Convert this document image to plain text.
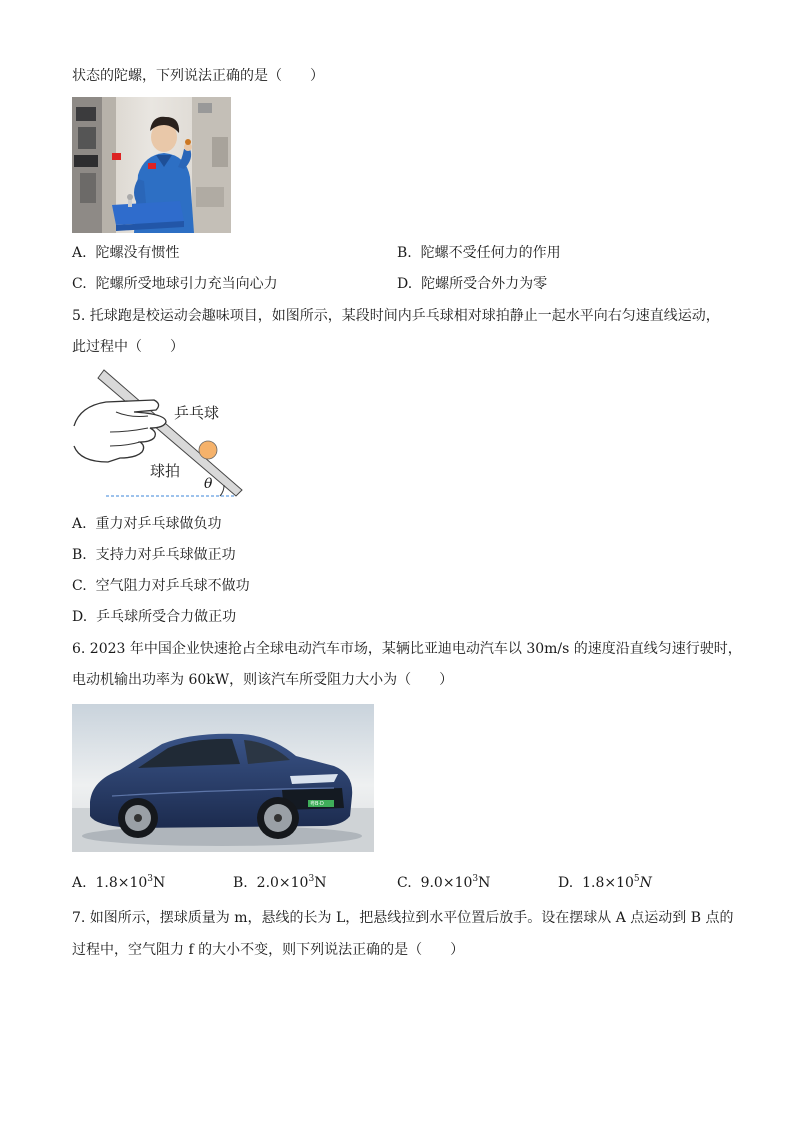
状态的陀螺，下列说法正确的是（　　）
A. 陀螺没有惯性	B. 陀螺不受任何力的作用
C. 陀螺所受地球引力充当向心力	D. 陀螺所受合外力为零
5. 托球跑是校运动会趣味项目，如图所示，某段时间内乒乓球相对球拍静止一起水平向右匀速直线运动，
此过程中（　　）
乒乓球
球拍
θ
A. 重力对乒乓球做负功
B. 支持力对乒乓球做正功
C. 空气阻力对乒乓球不做功
D. 乒乓球所受合力做正功
6. 2023 年中国企业快速抢占全球电动汽车市场，某辆比亚迪电动汽车以 30m/s 的速度沿直线匀速行驶时，
电动机输出功率为 60kW，则该汽车所受阻力大小为（　　）
粤B·D
A. $1.8\times 10^3N$	B. $2.0\times 10^3N$	C. $9.0\times 10^3N$	D. $1.8\times 10^5N$
7. 如图所示，摆球质量为 m，悬线的长为 L，把悬线拉到水平位置后放手。设在摆球从 A 点运动到 B 点的
过程中，空气阻力 f 的大小不变，则下列说法正确的是（　　）
